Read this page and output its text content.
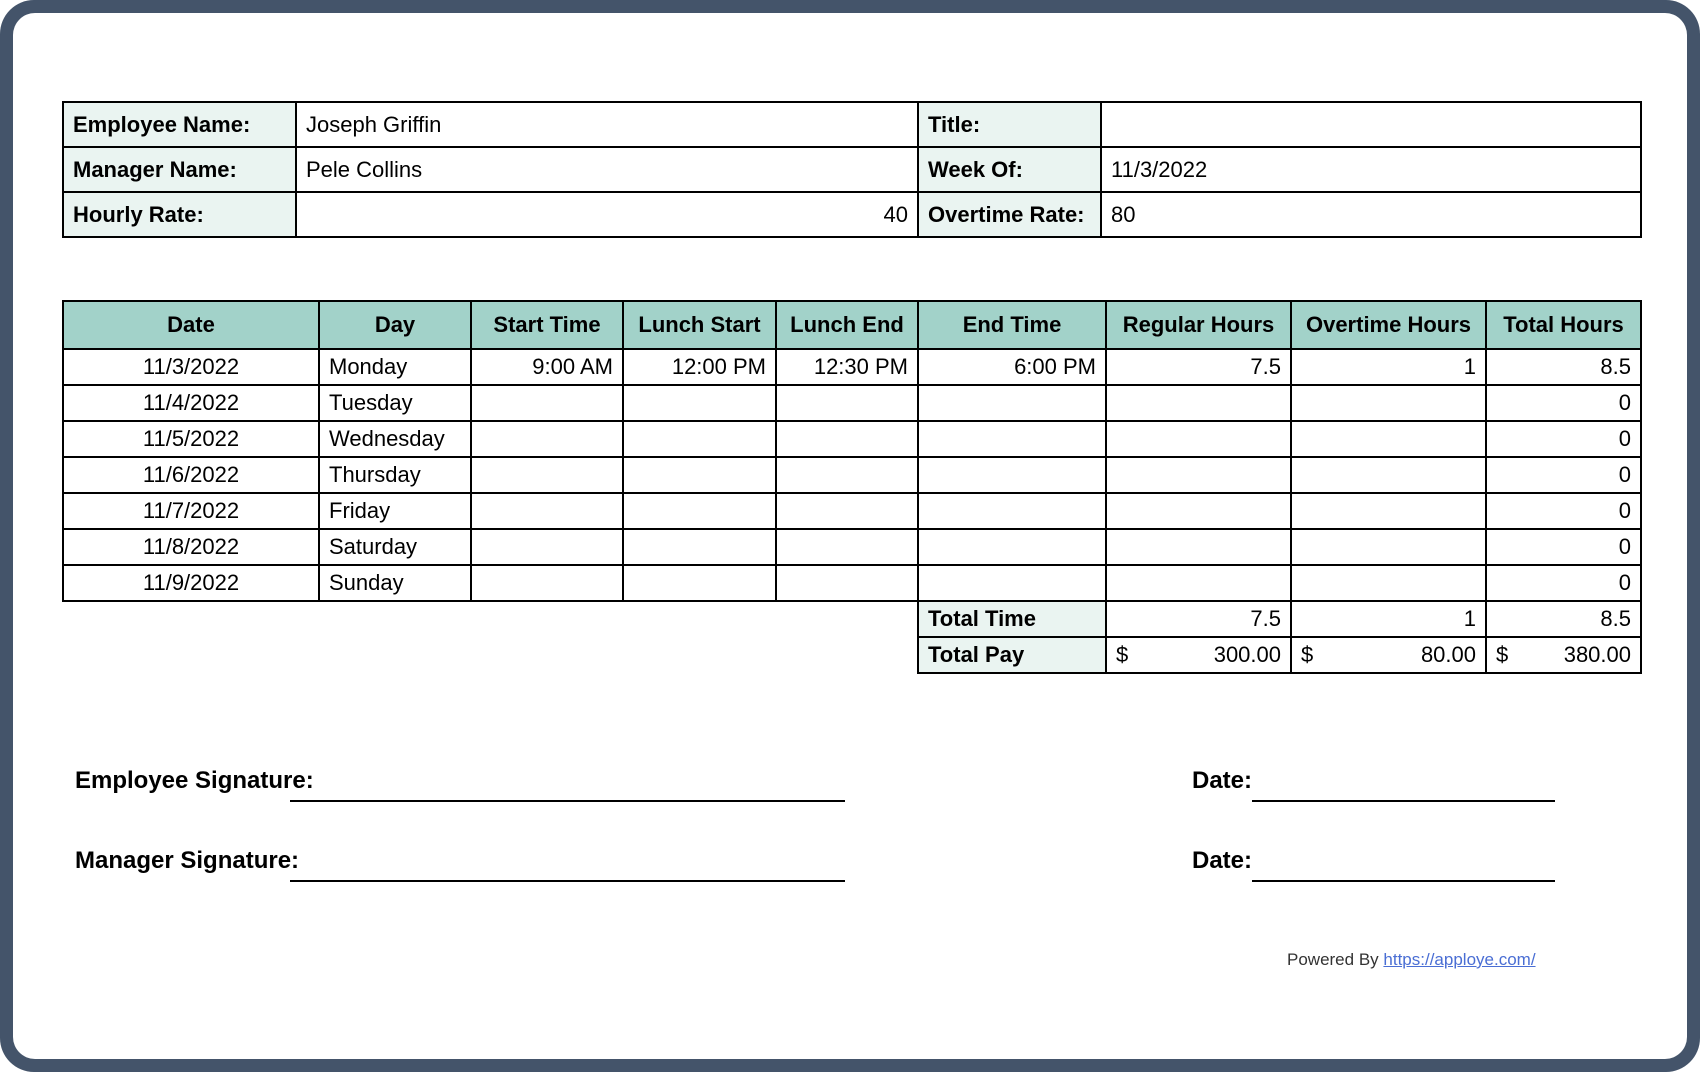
Employee Name:	Joseph Griffin	Title:	
Manager Name:	Pele Collins	Week Of:	11/3/2022
Hourly Rate:	40	Overtime Rate:	80
Date	Day	Start Time	Lunch Start	Lunch End	End Time	Regular Hours	Overtime Hours	Total Hours
11/3/2022	Monday	9:00 AM	12:00 PM	12:30 PM	6:00 PM	7.5	1	8.5
11/4/2022	Tuesday							0
11/5/2022	Wednesday							0
11/6/2022	Thursday							0
11/7/2022	Friday							0
11/8/2022	Saturday							0
11/9/2022	Sunday							0
Total Time	7.5	1	8.5
Total Pay	$ 300.00	$ 80.00	$ 380.00
Employee Signature:	Date:
Manager Signature:	Date:
Powered By https://apploye.com/
